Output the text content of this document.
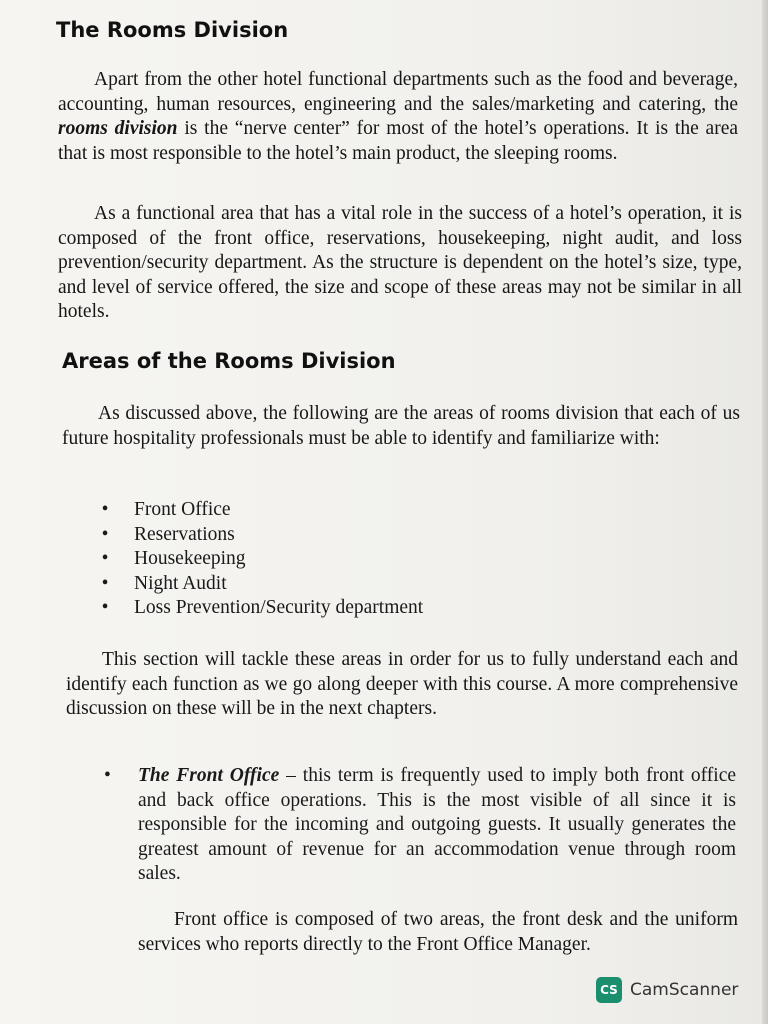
The Rooms Division

Apart from the other hotel functional departments such as the food and beverage, accounting, human resources, engineering and the sales/marketing and catering, the rooms division is the “nerve center” for most of the hotel’s operations. It is the area that is most responsible to the hotel’s main product, the sleeping rooms.

As a functional area that has a vital role in the success of a hotel’s operation, it is composed of the front office, reservations, housekeeping, night audit, and loss prevention/security department. As the structure is dependent on the hotel’s size, type, and level of service offered, the size and scope of these areas may not be similar in all hotels.

Areas of the Rooms Division

As discussed above, the following are the areas of rooms division that each of us future hospitality professionals must be able to identify and familiarize with:

• Front Office
• Reservations
• Housekeeping
• Night Audit
• Loss Prevention/Security department

This section will tackle these areas in order for us to fully understand each and identify each function as we go along deeper with this course. A more comprehensive discussion on these will be in the next chapters.

• The Front Office – this term is frequently used to imply both front office and back office operations. This is the most visible of all since it is responsible for the incoming and outgoing guests. It usually generates the greatest amount of revenue for an accommodation venue through room sales.

Front office is composed of two areas, the front desk and the uniform services who reports directly to the Front Office Manager.

CS CamScanner
